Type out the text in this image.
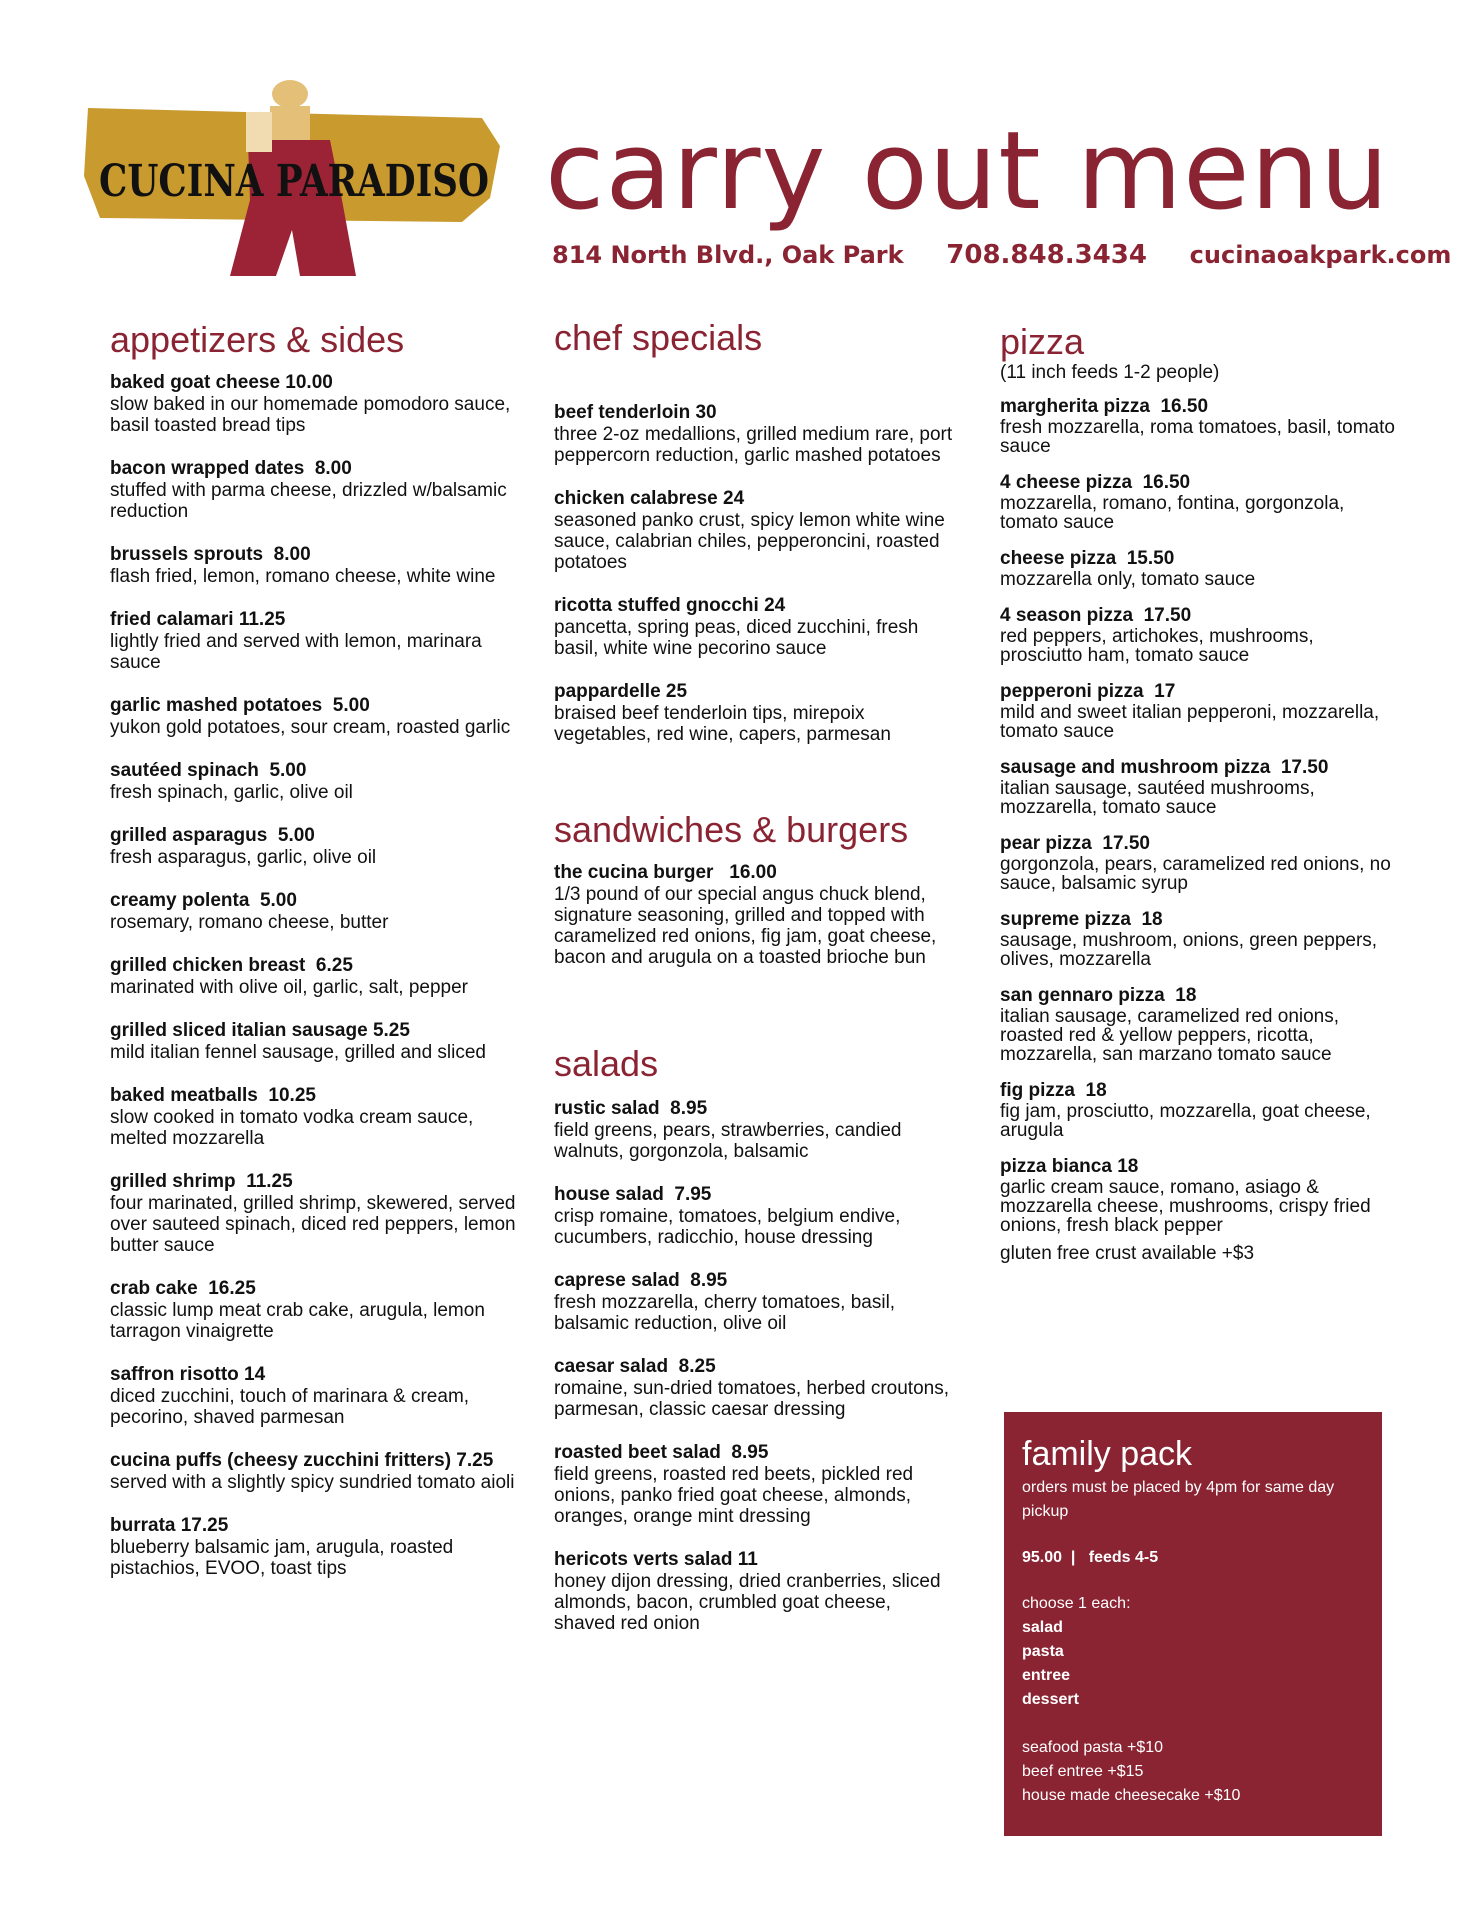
CUCINA PARADISO carry out menu
814 North Blvd., Oak Park 708.848.3434 cucinaoakpark.com
appetizers & sides
baked goat cheese 10.00
slow baked in our homemade pomodoro sauce, basil toasted bread tips
bacon wrapped dates  8.00
stuffed with parma cheese, drizzled w/balsamic reduction
brussels sprouts  8.00
flash fried, lemon, romano cheese, white wine
fried calamari 11.25
lightly fried and served with lemon, marinara sauce
garlic mashed potatoes  5.00
yukon gold potatoes, sour cream, roasted garlic
sautéed spinach  5.00
fresh spinach, garlic, olive oil
grilled asparagus  5.00
fresh asparagus, garlic, olive oil
creamy polenta  5.00
rosemary, romano cheese, butter
grilled chicken breast  6.25
marinated with olive oil, garlic, salt, pepper
grilled sliced italian sausage 5.25
mild italian fennel sausage, grilled and sliced
baked meatballs  10.25
slow cooked in tomato vodka cream sauce, melted mozzarella
grilled shrimp  11.25
four marinated, grilled shrimp, skewered, served over sauteed spinach, diced red peppers, lemon butter sauce
crab cake  16.25
classic lump meat crab cake, arugula, lemon tarragon vinaigrette
saffron risotto 14
diced zucchini, touch of marinara & cream, pecorino, shaved parmesan
cucina puffs (cheesy zucchini fritters) 7.25
served with a slightly spicy sundried tomato aioli
burrata 17.25
blueberry balsamic jam, arugula, roasted pistachios, EVOO, toast tips
chef specials
beef tenderloin 30
three 2-oz medallions, grilled medium rare, port peppercorn reduction, garlic mashed potatoes
chicken calabrese 24
seasoned panko crust, spicy lemon white wine sauce, calabrian chiles, pepperoncini, roasted potatoes
ricotta stuffed gnocchi 24
pancetta, spring peas, diced zucchini, fresh basil, white wine pecorino sauce
pappardelle 25
braised beef tenderloin tips, mirepoix vegetables, red wine, capers, parmesan
sandwiches & burgers
the cucina burger   16.00
1/3 pound of our special angus chuck blend, signature seasoning, grilled and topped with caramelized red onions, fig jam, goat cheese, bacon and arugula on a toasted brioche bun
salads
rustic salad  8.95
field greens, pears, strawberries, candied walnuts, gorgonzola, balsamic
house salad  7.95
crisp romaine, tomatoes, belgium endive, cucumbers, radicchio, house dressing
caprese salad  8.95
fresh mozzarella, cherry tomatoes, basil, balsamic reduction, olive oil
caesar salad  8.25
romaine, sun-dried tomatoes, herbed croutons, parmesan, classic caesar dressing
roasted beet salad  8.95
field greens, roasted red beets, pickled red onions, panko fried goat cheese, almonds, oranges, orange mint dressing
hericots verts salad 11
honey dijon dressing, dried cranberries, sliced almonds, bacon, crumbled goat cheese, shaved red onion
pizza

(11 inch feeds 1-2 people)

margherita pizza  16.50
fresh mozzarella, roma tomatoes, basil, tomato sauce
4 cheese pizza  16.50
mozzarella, romano, fontina, gorgonzola, tomato sauce
cheese pizza  15.50
mozzarella only, tomato sauce
4 season pizza  17.50
red peppers, artichokes, mushrooms, prosciutto ham, tomato sauce
pepperoni pizza  17
mild and sweet italian pepperoni, mozzarella, tomato sauce
sausage and mushroom pizza  17.50
italian sausage, sautéed mushrooms, mozzarella, tomato sauce
pear pizza  17.50
gorgonzola, pears, caramelized red onions, no sauce, balsamic syrup
supreme pizza  18
sausage, mushroom, onions, green peppers, olives, mozzarella
san gennaro pizza  18
italian sausage, caramelized red onions, roasted red & yellow peppers, ricotta, mozzarella, san marzano tomato sauce
fig pizza  18
fig jam, prosciutto, mozzarella, goat cheese, arugula
pizza bianca 18
garlic cream sauce, romano, asiago & mozzarella cheese, mushrooms, crispy fried onions, fresh black pepper

gluten free crust available +$3

family pack

orders must be placed by 4pm for same day pickup

95.00  |   feeds 4-5

choose 1 each:

salad

pasta

entree

dessert

seafood pasta +$10

beef entree +$15

house made cheesecake +$10
